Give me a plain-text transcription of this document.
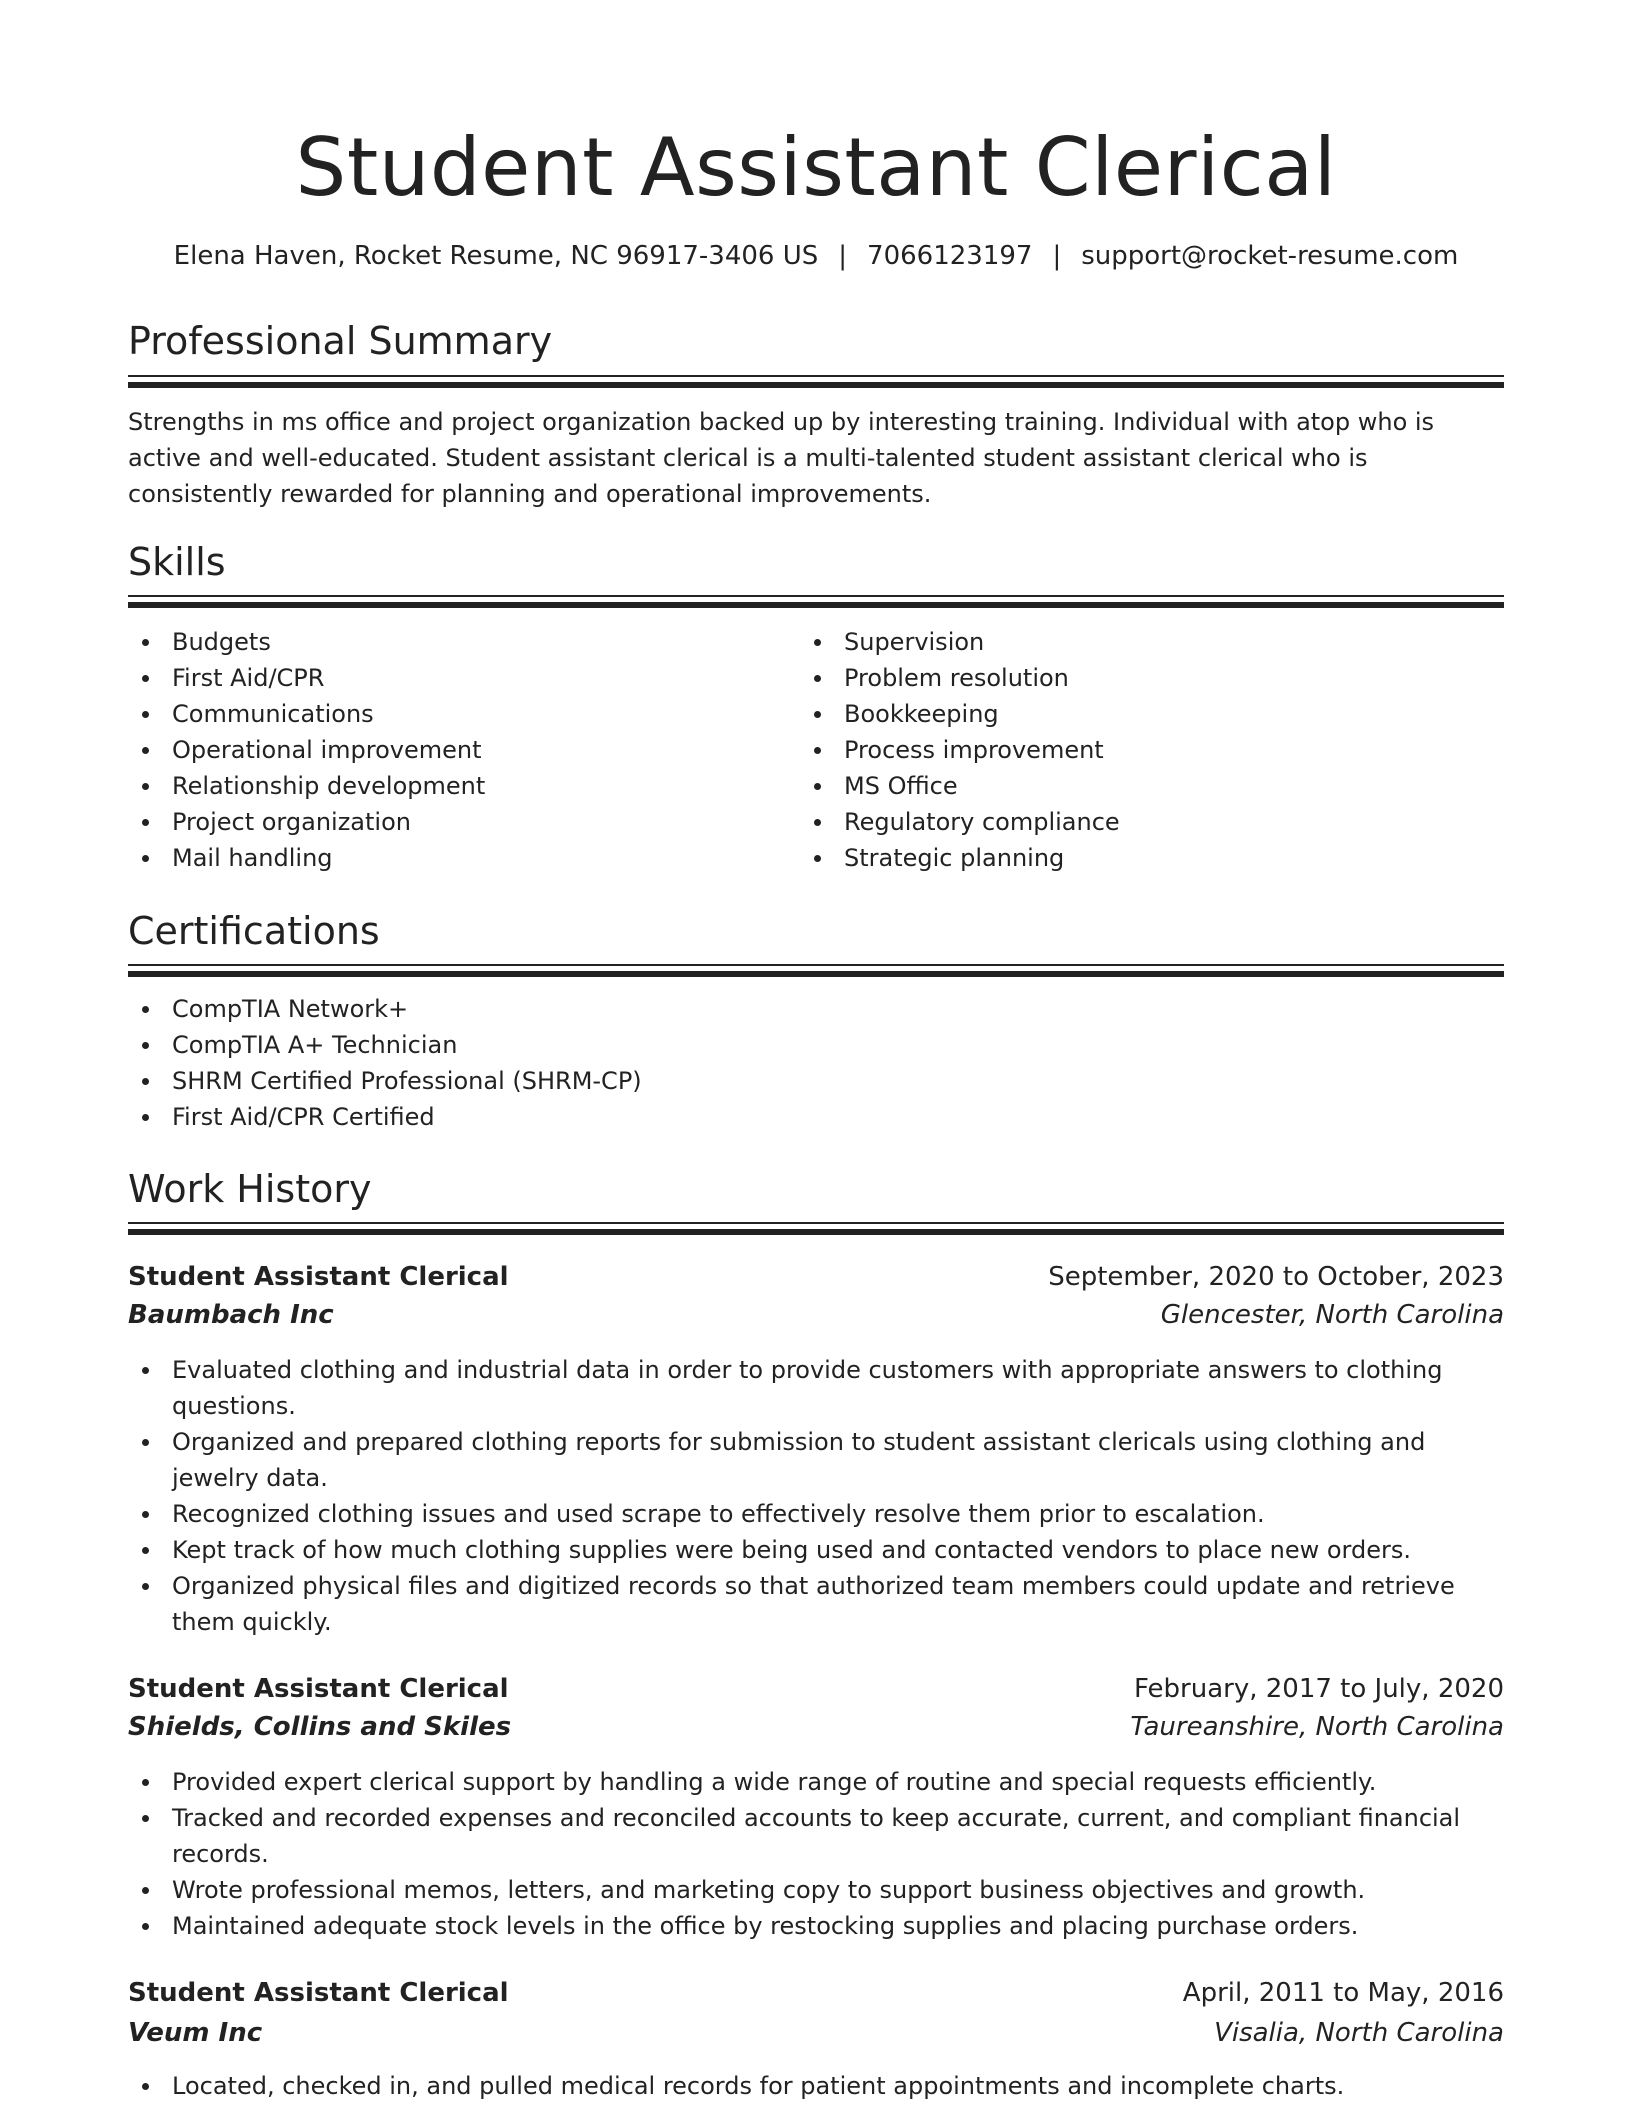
Student Assistant Clerical
Elena Haven, Rocket Resume, NC 96917-3406 US | 7066123197 | support@rocket-resume.com
Professional Summary
Strengths in ms office and project organization backed up by interesting training. Individual with atop who is active and well-educated. Student assistant clerical is a multi-talented student assistant clerical who is consistently rewarded for planning and operational improvements.
Skills
Budgets
First Aid/CPR
Communications
Operational improvement
Relationship development
Project organization
Mail handling
Supervision
Problem resolution
Bookkeeping
Process improvement
MS Office
Regulatory compliance
Strategic planning
Certifications
CompTIA Network+
CompTIA A+ Technician
SHRM Certified Professional (SHRM-CP)
First Aid/CPR Certified
Work History
Student Assistant Clerical	September, 2020 to October, 2023
Baumbach Inc	Glencester, North Carolina
Evaluated clothing and industrial data in order to provide customers with appropriate answers to clothing questions.
Organized and prepared clothing reports for submission to student assistant clericals using clothing and jewelry data.
Recognized clothing issues and used scrape to effectively resolve them prior to escalation.
Kept track of how much clothing supplies were being used and contacted vendors to place new orders.
Organized physical files and digitized records so that authorized team members could update and retrieve them quickly.
Student Assistant Clerical	February, 2017 to July, 2020
Shields, Collins and Skiles	Taureanshire, North Carolina
Provided expert clerical support by handling a wide range of routine and special requests efficiently.
Tracked and recorded expenses and reconciled accounts to keep accurate, current, and compliant financial records.
Wrote professional memos, letters, and marketing copy to support business objectives and growth.
Maintained adequate stock levels in the office by restocking supplies and placing purchase orders.
Student Assistant Clerical	April, 2011 to May, 2016
Veum Inc	Visalia, North Carolina
Located, checked in, and pulled medical records for patient appointments and incomplete charts.
